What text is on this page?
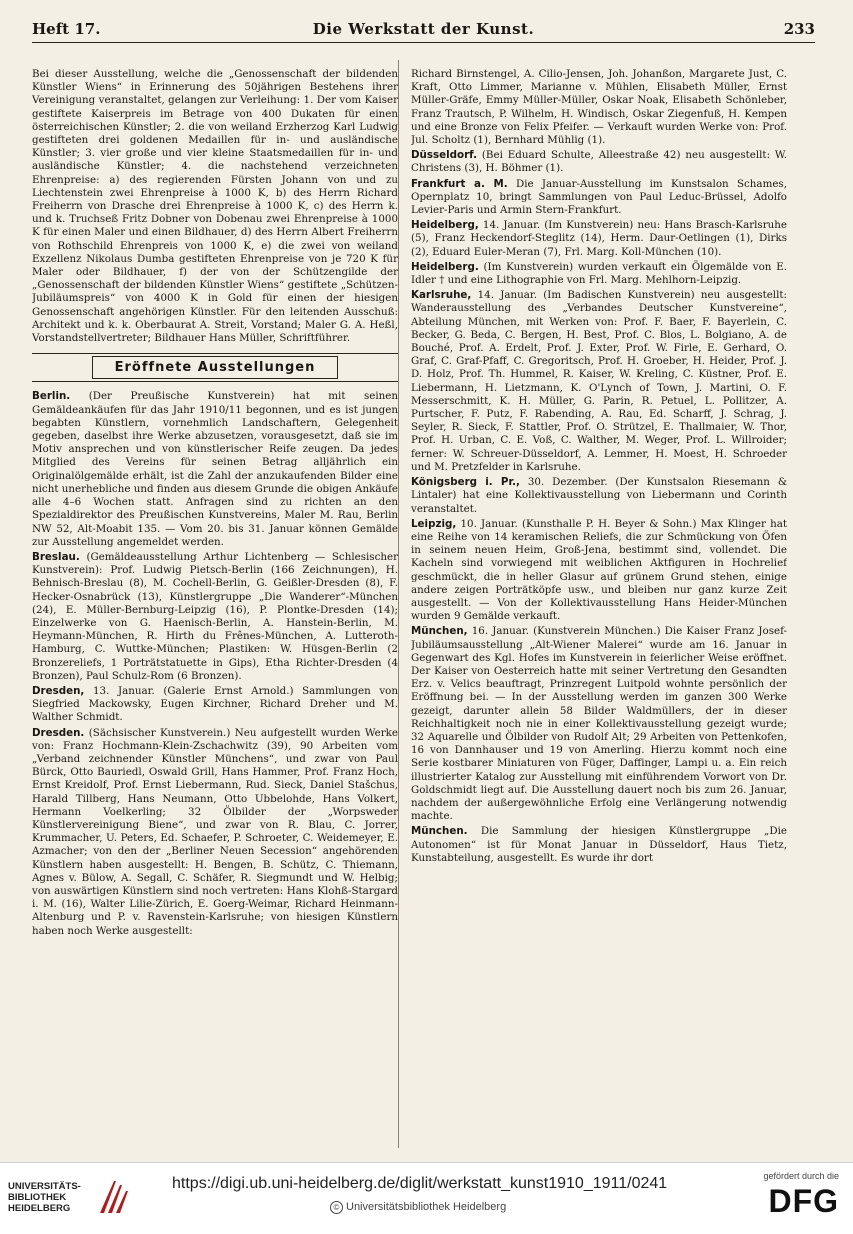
Heft 17.	Die Werkstatt der Kunst.	233

Bei dieser Ausstellung, welche die „Genossenschaft der bildenden Künstler Wiens“ in Erinnerung des 50jährigen Bestehens ihrer Vereinigung veranstaltet, gelangen zur Verleihung: 1. Der vom Kaiser gestiftete Kaiserpreis im Betrage von 400 Dukaten für einen österreichischen Künstler; 2. die von weiland Erzherzog Karl Ludwig gestifteten drei goldenen Medaillen für in- und ausländische Künstler; 3. vier große und vier kleine Staatsmedaillen für in- und ausländische Künstler; 4. die nachstehend verzeichneten Ehrenpreise: a) des regierenden Fürsten Johann von und zu Liechtenstein zwei Ehrenpreise à 1000 K, b) des Herrn Richard Freiherrn von Drasche drei Ehrenpreise à 1000 K, c) des Herrn k. und k. Truchseß Fritz Dobner von Dobenau zwei Ehrenpreise à 1000 K für einen Maler und einen Bildhauer, d) des Herrn Albert Freiherrn von Rothschild Ehrenpreis von 1000 K, e) die zwei von weiland Exzellenz Nikolaus Dumba gestifteten Ehrenpreise von je 720 K für Maler oder Bildhauer, f) der von der Schützengilde der „Genossenschaft der bildenden Künstler Wiens“ gestiftete „Schützen-Jubiläumspreis“ von 4000 K in Gold für einen der hiesigen Genossenschaft angehörigen Künstler. Für den leitenden Ausschuß: Architekt und k. k. Oberbaurat A. Streit, Vorstand; Maler G. A. Heßl, Vorstandstellvertreter; Bildhauer Hans Müller, Schriftführer.

Eröffnete Ausstellungen

Berlin. (Der Preußische Kunstverein) hat mit seinen Gemäldeankäufen für das Jahr 1910/11 begonnen, und es ist jungen begabten Künstlern, vornehmlich Landschaftern, Gelegenheit gegeben, daselbst ihre Werke abzusetzen, vorausgesetzt, daß sie im Motiv ansprechen und von künstlerischer Reife zeugen. Da jedes Mitglied des Vereins für seinen Betrag alljährlich ein Originalölgemälde erhält, ist die Zahl der anzukaufenden Bilder eine nicht unerhebliche und finden aus diesem Grunde die obigen Ankäufe alle 4–6 Wochen statt. Anfragen sind zu richten an den Spezialdirektor des Preußischen Kunstvereins, Maler M. Rau, Berlin NW 52, Alt-Moabit 135. — Vom 20. bis 31. Januar können Gemälde zur Ausstellung angemeldet werden.

Breslau. (Gemäldeausstellung Arthur Lichtenberg — Schlesischer Kunstverein): Prof. Ludwig Pietsch-Berlin (166 Zeichnungen), H. Behnisch-Breslau (8), M. Cochell-Berlin, G. Geißler-Dresden (8), F. Hecker-Osnabrück (13), Künstlergruppe „Die Wanderer“-München (24), E. Müller-Bernburg-Leipzig (16), P. Plontke-Dresden (14); Einzelwerke von G. Haenisch-Berlin, A. Hanstein-Berlin, M. Heymann-München, R. Hirth du Frênes-München, A. Lutteroth-Hamburg, C. Wuttke-München; Plastiken: W. Hüsgen-Berlin (2 Bronzereliefs, 1 Porträtstatuette in Gips), Etha Richter-Dresden (4 Bronzen), Paul Schulz-Rom (6 Bronzen).

Dresden, 13. Januar. (Galerie Ernst Arnold.) Sammlungen von Siegfried Mackowsky, Eugen Kirchner, Richard Dreher und M. Walther Schmidt.

Dresden. (Sächsischer Kunstverein.) Neu aufgestellt wurden Werke von: Franz Hochmann-Klein-Zschachwitz (39), 90 Arbeiten vom „Verband zeichnender Künstler Münchens“, und zwar von Paul Bürck, Otto Bauriedl, Oswald Grill, Hans Hammer, Prof. Franz Hoch, Ernst Kreidolf, Prof. Ernst Liebermann, Rud. Sieck, Daniel Stašchus, Harald Tillberg, Hans Neumann, Otto Ubbelohde, Hans Volkert, Hermann Voelkerling; 32 Ölbilder der „Worpsweder Künstlervereinigung Biene“, und zwar von R. Blau, C. Jorrer, Krummacher, U. Peters, Ed. Schaefer, P. Schroeter, C. Weidemeyer, E. Azmacher; von den der „Berliner Neuen Secession“ angehörenden Künstlern haben ausgestellt: H. Bengen, B. Schütz, C. Thiemann, Agnes v. Bülow, A. Segall, C. Schäfer, R. Siegmundt und W. Helbig; von auswärtigen Künstlern sind noch vertreten: Hans Klohß-Stargard i. M. (16), Walter Lilie-Zürich, E. Goerg-Weimar, Richard Heinmann-Altenburg und P. v. Ravenstein-Karlsruhe; von hiesigen Künstlern haben noch Werke ausgestellt:

Richard Birnstengel, A. Cilio-Jensen, Joh. Johanßon, Margarete Just, C. Kraft, Otto Limmer, Marianne v. Mühlen, Elisabeth Müller, Ernst Müller-Gräfe, Emmy Müller-Müller, Oskar Noak, Elisabeth Schönleber, Franz Trautsch, P. Wilhelm, H. Windisch, Oskar Ziegenfuß, H. Kempen und eine Bronze von Felix Pfeifer. — Verkauft wurden Werke von: Prof. Jul. Scholtz (1), Bernhard Mühlig (1).

Düsseldorf. (Bei Eduard Schulte, Alleestraße 42) neu ausgestellt: W. Christens (3), H. Böhmer (1).

Frankfurt a. M. Die Januar-Ausstellung im Kunstsalon Schames, Opernplatz 10, bringt Sammlungen von Paul Leduc-Brüssel, Adolfo Levier-Paris und Armin Stern-Frankfurt.

Heidelberg, 14. Januar. (Im Kunstverein) neu: Hans Brasch-Karlsruhe (5), Franz Heckendorf-Steglitz (14), Herm. Daur-Oetlingen (1), Dirks (2), Eduard Euler-Meran (7), Frl. Marg. Koll-München (10).

Heidelberg. (Im Kunstverein) wurden verkauft ein Ölgemälde von E. Idler † und eine Lithographie von Frl. Marg. Mehlhorn-Leipzig.

Karlsruhe, 14. Januar. (Im Badischen Kunstverein) neu ausgestellt: Wanderausstellung des „Verbandes Deutscher Kunstvereine“, Abteilung München, mit Werken von: Prof. F. Baer, F. Bayerlein, C. Becker, G. Beda, C. Bergen, H. Best, Prof. C. Blos, L. Bolgiano, A. de Bouché, Prof. A. Erdelt, Prof. J. Exter, Prof. W. Firle, E. Gerhard, O. Graf, C. Graf-Pfaff, C. Gregoritsch, Prof. H. Groeber, H. Heider, Prof. J. D. Holz, Prof. Th. Hummel, R. Kaiser, W. Kreling, C. Küstner, Prof. E. Liebermann, H. Lietzmann, K. O'Lynch of Town, J. Martini, O. F. Messerschmitt, K. H. Müller, G. Parin, R. Petuel, L. Pollitzer, A. Purtscher, F. Putz, F. Rabending, A. Rau, Ed. Scharff, J. Schrag, J. Seyler, R. Sieck, F. Stattler, Prof. O. Strützel, E. Thallmaier, W. Thor, Prof. H. Urban, C. E. Voß, C. Walther, M. Weger, Prof. L. Willroider; ferner: W. Schreuer-Düsseldorf, A. Lemmer, H. Moest, H. Schroeder und M. Pretzfelder in Karlsruhe.

Königsberg i. Pr., 30. Dezember. (Der Kunstsalon Riesemann & Lintaler) hat eine Kollektivausstellung von Liebermann und Corinth veranstaltet.

Leipzig, 10. Januar. (Kunsthalle P. H. Beyer & Sohn.) Max Klinger hat eine Reihe von 14 keramischen Reliefs, die zur Schmückung von Öfen in seinem neuen Heim, Groß-Jena, bestimmt sind, vollendet. Die Kacheln sind vorwiegend mit weiblichen Aktfiguren in Hochrelief geschmückt, die in heller Glasur auf grünem Grund stehen, einige andere zeigen Porträtköpfe usw., und bleiben nur ganz kurze Zeit ausgestellt. — Von der Kollektivausstellung Hans Heider-München wurden 9 Gemälde verkauft.

München, 16. Januar. (Kunstverein München.) Die Kaiser Franz Josef-Jubiläumsausstellung „Alt-Wiener Malerei“ wurde am 16. Januar in Gegenwart des Kgl. Hofes im Kunstverein in feierlicher Weise eröffnet. Der Kaiser von Oesterreich hatte mit seiner Vertretung den Gesandten Erz. v. Velics beauftragt, Prinzregent Luitpold wohnte persönlich der Eröffnung bei. — In der Ausstellung werden im ganzen 300 Werke gezeigt, darunter allein 58 Bilder Waldmüllers, der in dieser Reichhaltigkeit noch nie in einer Kollektivausstellung gezeigt wurde; 32 Aquarelle und Ölbilder von Rudolf Alt; 29 Arbeiten von Pettenkofen, 16 von Dannhauser und 19 von Amerling. Hierzu kommt noch eine Serie kostbarer Miniaturen von Füger, Daffinger, Lampi u. a. Ein reich illustrierter Katalog zur Ausstellung mit einführendem Vorwort von Dr. Goldschmidt liegt auf. Die Ausstellung dauert noch bis zum 26. Januar, nachdem der außergewöhnliche Erfolg eine Verlängerung notwendig machte.

München. Die Sammlung der hiesigen Künstlergruppe „Die Autonomen“ ist für Monat Januar in Düsseldorf, Haus Tietz, Kunstabteilung, ausgestellt. Es wurde ihr dort

UNIVERSITÄTS-
BIBLIOTHEK
HEIDELBERG
https://digi.ub.uni-heidelberg.de/diglit/werkstatt_kunst1910_1911/0241
© Universitätsbibliothek Heidelberg
gefördert durch die
DFG
